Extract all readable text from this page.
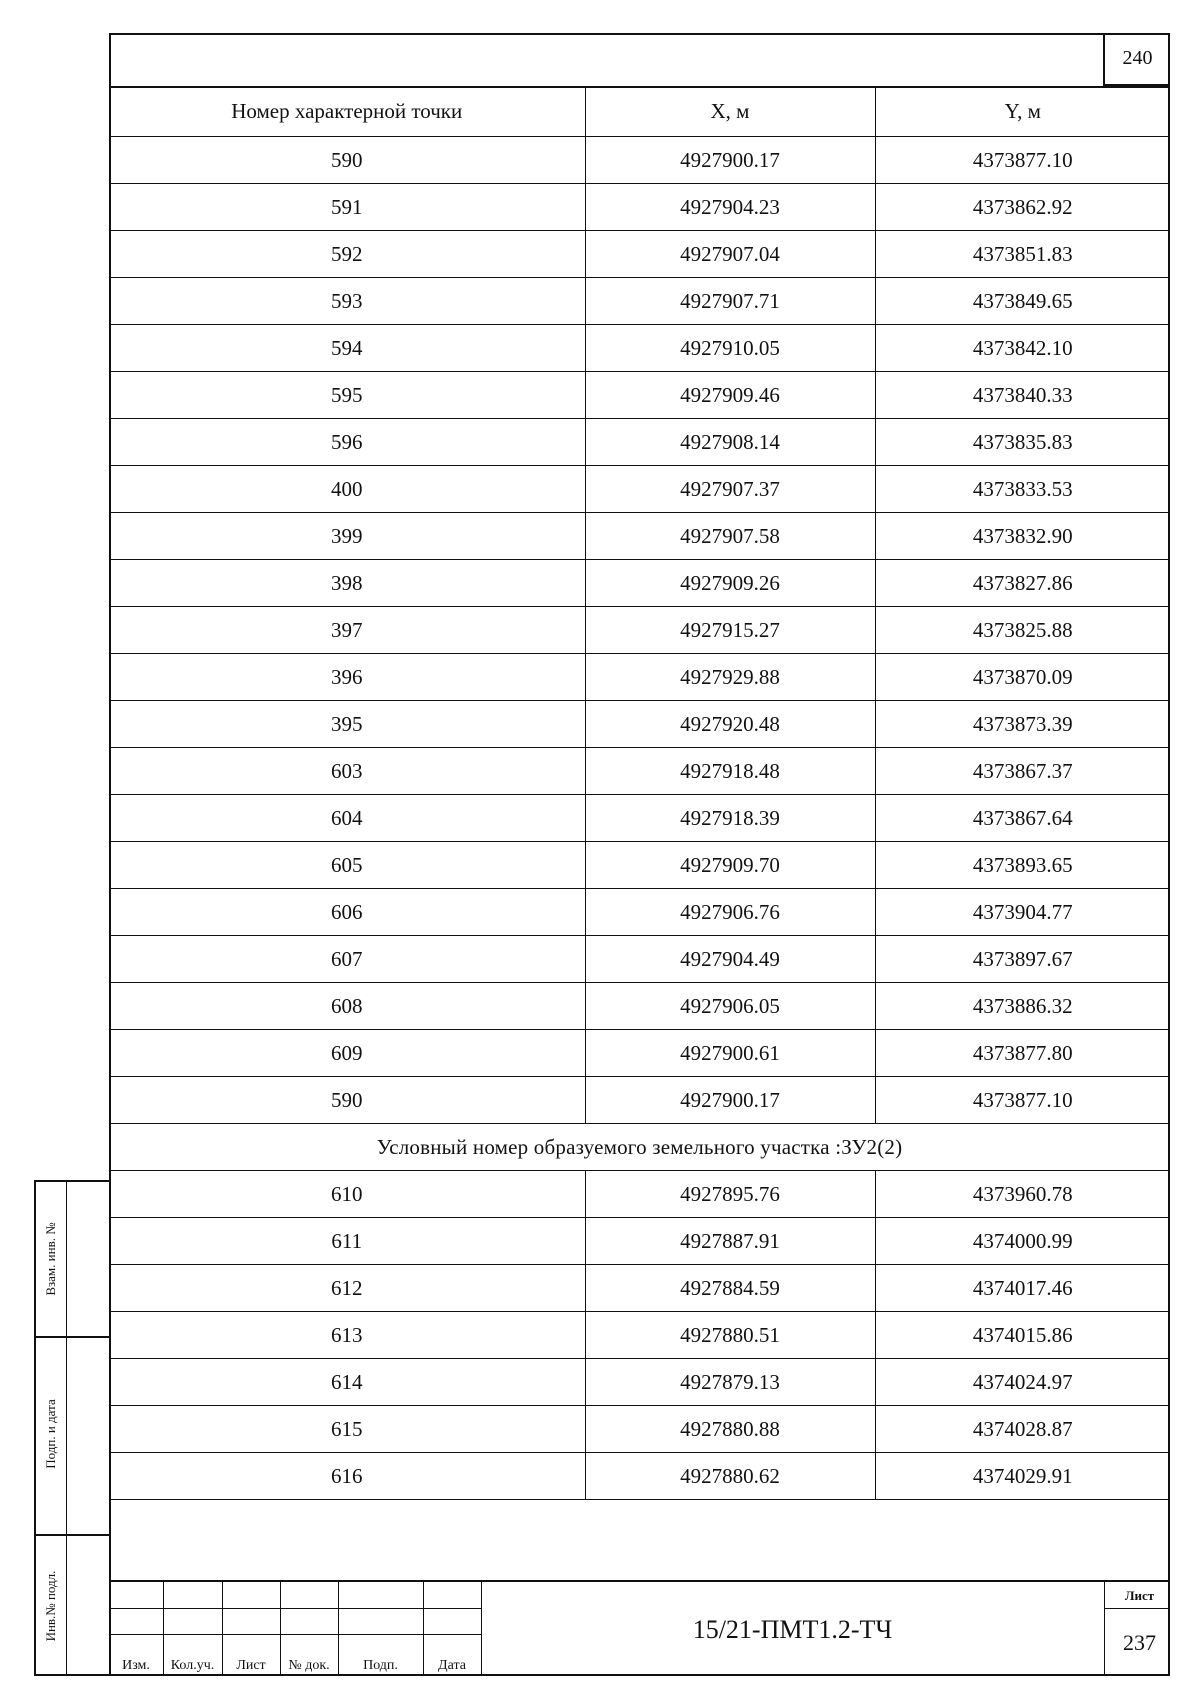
240
Номер характерной точки	X, м	Y, м
590	4927900.17	4373877.10
591	4927904.23	4373862.92
592	4927907.04	4373851.83
593	4927907.71	4373849.65
594	4927910.05	4373842.10
595	4927909.46	4373840.33
596	4927908.14	4373835.83
400	4927907.37	4373833.53
399	4927907.58	4373832.90
398	4927909.26	4373827.86
397	4927915.27	4373825.88
396	4927929.88	4373870.09
395	4927920.48	4373873.39
603	4927918.48	4373867.37
604	4927918.39	4373867.64
605	4927909.70	4373893.65
606	4927906.76	4373904.77
607	4927904.49	4373897.67
608	4927906.05	4373886.32
609	4927900.61	4373877.80
590	4927900.17	4373877.10
Условный номер образуемого земельного участка :ЗУ2(2)		
610	4927895.76	4373960.78
611	4927887.91	4374000.99
612	4927884.59	4374017.46
613	4927880.51	4374015.86
614	4927879.13	4374024.97
615	4927880.88	4374028.87
616	4927880.62	4374029.91
Взам. инв. №
Подп. и дата
Инв.№ подл.
Изм.	Кол.уч.	Лист	№ док.	Подп.	Дата
15/21-ПМТ1.2-ТЧ
Лист
237
